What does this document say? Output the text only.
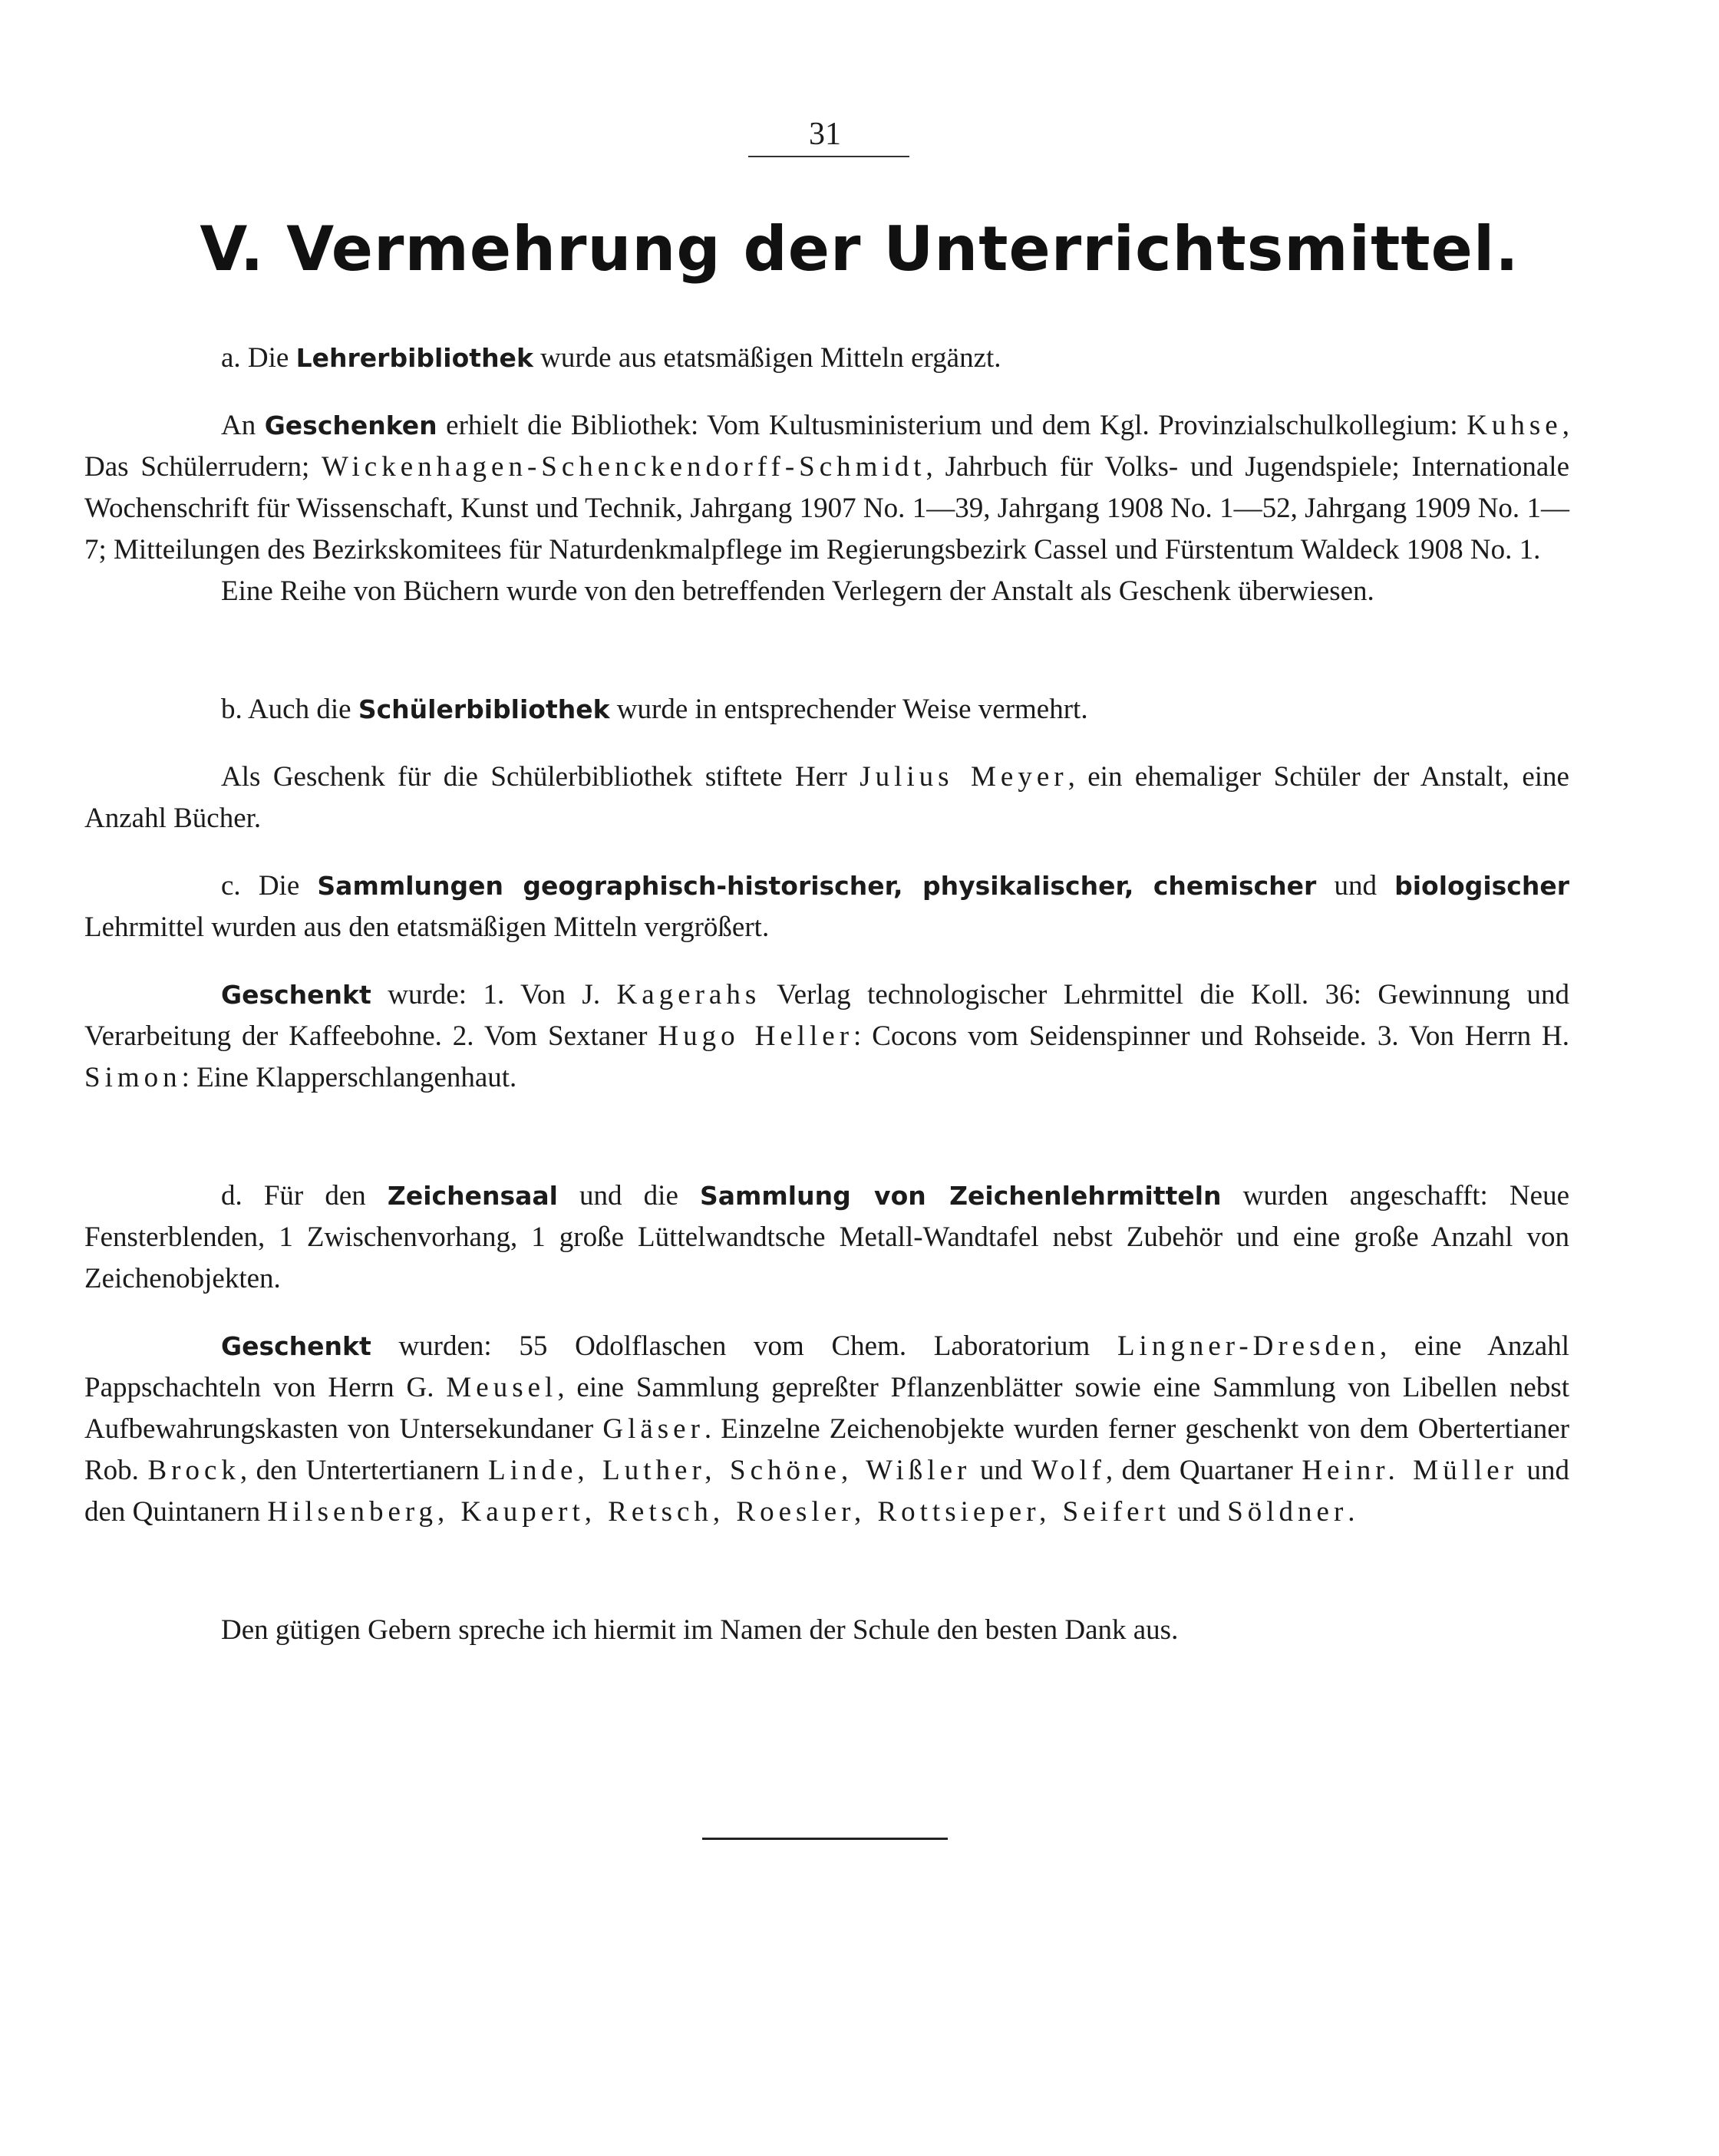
31
V. Vermehrung der Unterrichtsmittel.

a. Die Lehrerbibliothek wurde aus etatsmäßigen Mitteln ergänzt.

An Geschenken erhielt die Bibliothek: Vom Kultusministerium und dem Kgl. Provinzialschulkollegium: Kuhse, Das Schülerrudern; Wickenhagen-Schenckendorff-Schmidt, Jahrbuch für Volks- und Jugendspiele; Internationale Wochenschrift für Wissenschaft, Kunst und Technik, Jahrgang 1907 No. 1—39, Jahrgang 1908 No. 1—52, Jahrgang 1909 No. 1—7; Mitteilungen des Bezirkskomitees für Naturdenkmalpflege im Regierungsbezirk Cassel und Fürstentum Waldeck 1908 No. 1.

Eine Reihe von Büchern wurde von den betreffenden Verlegern der Anstalt als Geschenk überwiesen.

b. Auch die Schülerbibliothek wurde in entsprechender Weise vermehrt.

Als Geschenk für die Schülerbibliothek stiftete Herr Julius Meyer, ein ehemaliger Schüler der Anstalt, eine Anzahl Bücher.

c. Die Sammlungen geographisch-historischer, physikalischer, chemischer und biologischer Lehrmittel wurden aus den etatsmäßigen Mitteln vergrößert.

Geschenkt wurde: 1. Von J. Kagerahs Verlag technologischer Lehrmittel die Koll. 36: Gewinnung und Verarbeitung der Kaffeebohne. 2. Vom Sextaner Hugo Heller: Cocons vom Seidenspinner und Rohseide. 3. Von Herrn H. Simon: Eine Klapperschlangenhaut.

d. Für den Zeichensaal und die Sammlung von Zeichenlehrmitteln wurden angeschafft: Neue Fensterblenden, 1 Zwischenvorhang, 1 große Lüttelwandtsche Metall-Wandtafel nebst Zubehör und eine große Anzahl von Zeichenobjekten.

Geschenkt wurden: 55 Odolflaschen vom Chem. Laboratorium Lingner-Dresden, eine Anzahl Pappschachteln von Herrn G. Meusel, eine Sammlung gepreßter Pflanzenblätter sowie eine Sammlung von Libellen nebst Aufbewahrungskasten von Untersekundaner Gläser. Einzelne Zeichenobjekte wurden ferner geschenkt von dem Obertertianer Rob. Brock, den Untertertianern Linde, Luther, Schöne, Wißler und Wolf, dem Quartaner Heinr. Müller und den Quintanern Hilsenberg, Kaupert, Retsch, Roesler, Rottsieper, Seifert und Söldner.

Den gütigen Gebern spreche ich hiermit im Namen der Schule den besten Dank aus.
